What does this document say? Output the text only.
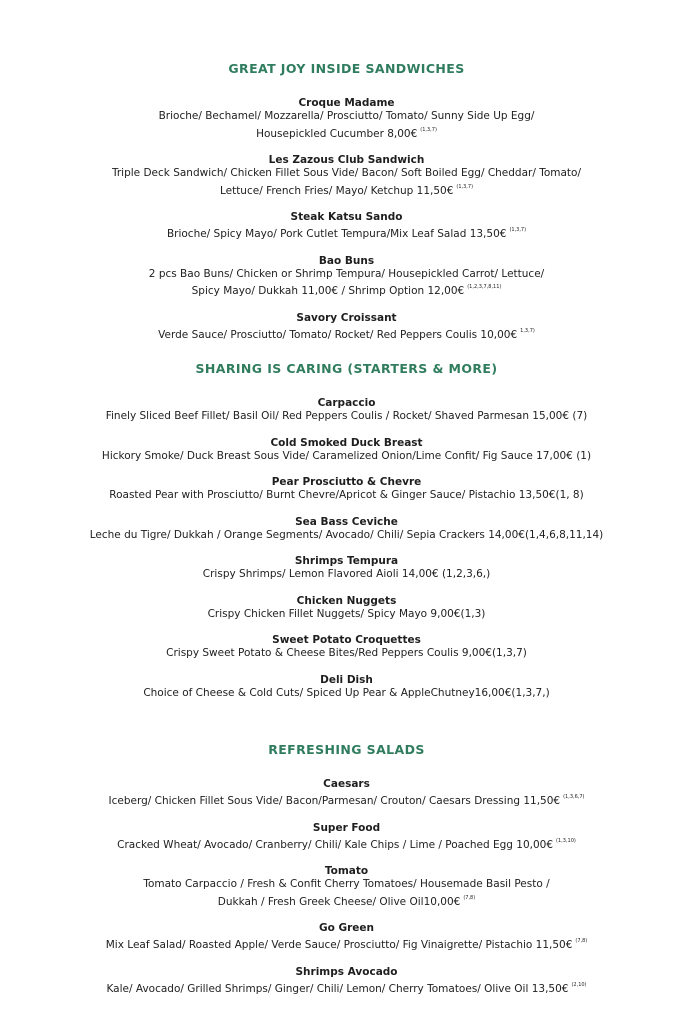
GREAT JOY INSIDE SANDWICHES
Croque Madame
Brioche/ Bechamel/ Mozzarella/ Prosciutto/ Tomato/ Sunny Side Up Egg/
Housepickled Cucumber 8,00€ $^{(1,3,7)}$
Les Zazous Club Sandwich
Triple Deck Sandwich/ Chicken Fillet Sous Vide/ Bacon/ Soft Boiled Egg/ Cheddar/ Tomato/
Lettuce/ French Fries/ Mayo/ Ketchup 11,50€ $^{(1,3,7)}$
Steak Katsu Sando
Brioche/ Spicy Mayo/ Pork Cutlet Tempura/Mix Leaf Salad 13,50€ $^{(1,3,7)}$
Bao Buns
2 pcs Bao Buns/ Chicken or Shrimp Tempura/ Housepickled Carrot/ Lettuce/
Spicy Mayo/ Dukkah 11,00€ / Shrimp Option 12,00€ $^{(1,2,3,7,8,11)}$
Savory Croissant
Verde Sauce/ Prosciutto/ Tomato/ Rocket/ Red Peppers Coulis 10,00€ $^{1,3,7)}$
SHARING IS CARING (STARTERS & MORE)
Carpaccio
Finely Sliced Beef Fillet/ Basil Oil/ Red Peppers Coulis / Rocket/ Shaved Parmesan 15,00€ (7)
Cold Smoked Duck Breast
Hickory Smoke/ Duck Breast Sous Vide/ Caramelized Onion/Lime Confit/ Fig Sauce 17,00€ (1)
Pear Prosciutto & Chevre
Roasted Pear with Prosciutto/ Burnt Chevre/Apricot & Ginger Sauce/ Pistachio 13,50€(1, 8)
Sea Bass Ceviche
Leche du Tigre/ Dukkah / Orange Segments/ Avocado/ Chili/ Sepia Crackers 14,00€(1,4,6,8,11,14)
Shrimps Tempura
Crispy Shrimps/ Lemon Flavored Aioli 14,00€ (1,2,3,6,)
Chicken Nuggets
Crispy Chicken Fillet Nuggets/ Spicy Mayo 9,00€(1,3)
Sweet Potato Croquettes
Crispy Sweet Potato & Cheese Bites/Red Peppers Coulis 9,00€(1,3,7)
Deli Dish
Choice of Cheese & Cold Cuts/ Spiced Up Pear & AppleChutney16,00€(1,3,7,)
REFRESHING SALADS
Caesars
Iceberg/ Chicken Fillet Sous Vide/ Bacon/Parmesan/ Crouton/ Caesars Dressing 11,50€ $^{(1,3,6,7)}$
Super Food
Cracked Wheat/ Avocado/ Cranberry/ Chili/ Kale Chips / Lime / Poached Egg 10,00€ $^{(1,3,10)}$
Tomato
Tomato Carpaccio / Fresh & Confit Cherry Tomatoes/ Housemade Basil Pesto /
Dukkah / Fresh Greek Cheese/ Olive Oil10,00€ $^{(7,8)}$
Go Green
Mix Leaf Salad/ Roasted Apple/ Verde Sauce/ Prosciutto/ Fig Vinaigrette/ Pistachio 11,50€ $^{(7,8)}$
Shrimps Avocado
Kale/ Avocado/ Grilled Shrimps/ Ginger/ Chili/ Lemon/ Cherry Tomatoes/ Olive Oil 13,50€ $^{(2,10)}$
